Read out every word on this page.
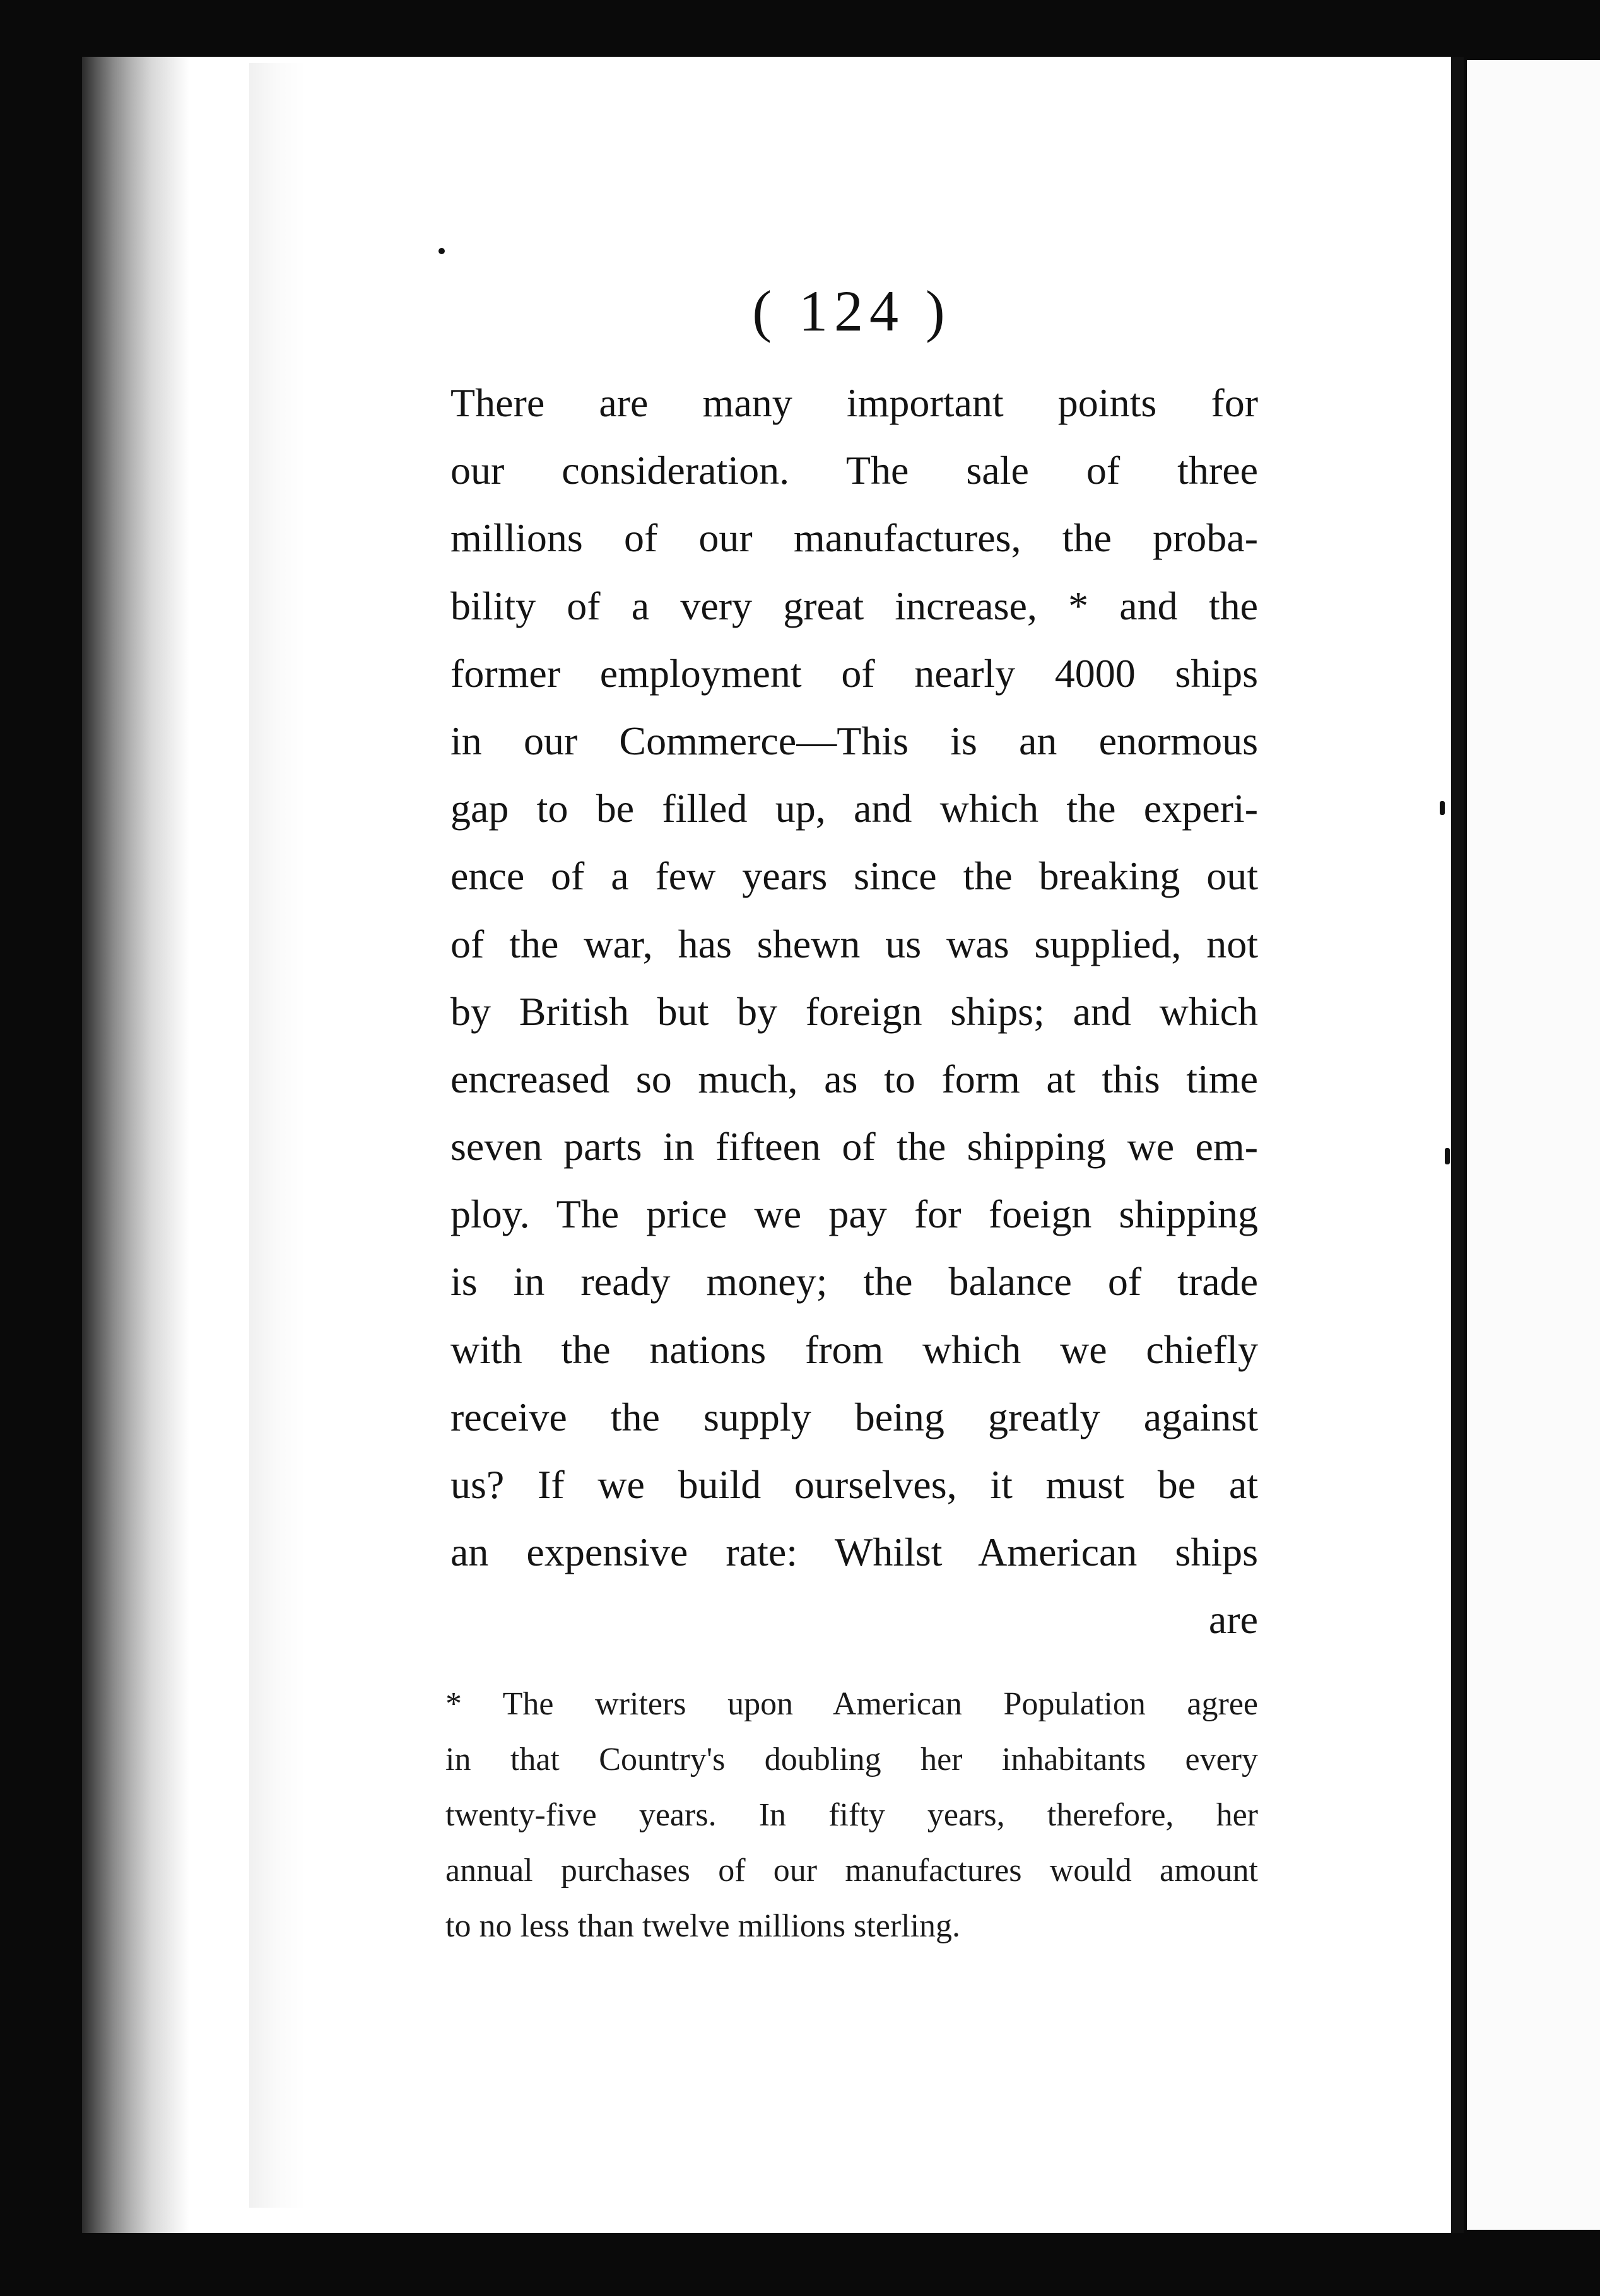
( 124 )
There are many important points for
our consideration. The sale of three
millions of our manufactures, the proba-
bility of a very great increase, * and the
former employment of nearly 4000 ships
in our Commerce—This is an enormous
gap to be filled up, and which the experi-
ence of a few years since the breaking out
of the war, has shewn us was supplied, not
by British but by foreign ships; and which
encreased so much, as to form at this time
seven parts in fifteen of the shipping we em-
ploy. The price we pay for foeign shipping
is in ready money; the balance of trade
with the nations from which we chiefly
receive the supply being greatly against
us? If we build ourselves, it must be at
an expensive rate: Whilst American ships
are
* The writers upon American Population agree
in that Country's doubling her inhabitants every
twenty-five years. In fifty years, therefore, her
annual purchases of our manufactures would amount
to no less than twelve millions sterling.
